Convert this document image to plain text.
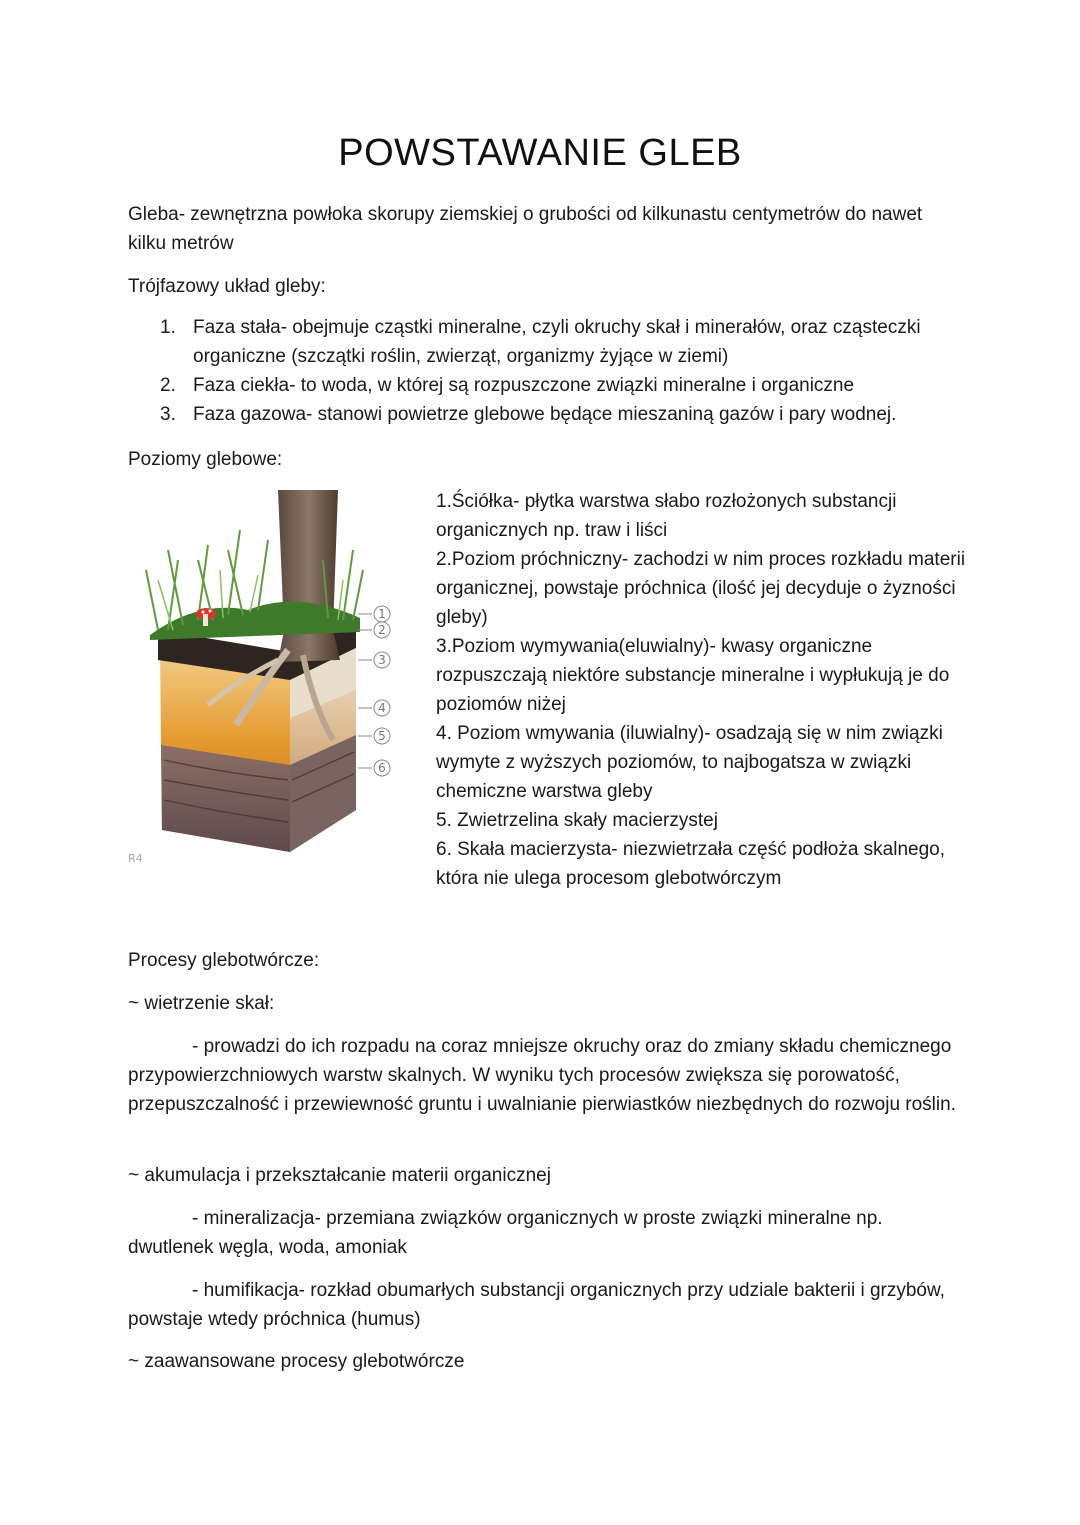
POWSTAWANIE GLEB
Gleba- zewnętrzna powłoka skorupy ziemskiej o grubości od kilkunastu centymetrów do nawet kilku metrów
Trójfazowy układ gleby:
1. Faza stała- obejmuje cząstki mineralne, czyli okruchy skał i minerałów, oraz cząsteczki organiczne (szczątki roślin, zwierząt, organizmy żyjące w ziemi)
2. Faza ciekła- to woda, w której są rozpuszczone związki mineralne i organiczne
3. Faza gazowa- stanowi powietrze glebowe będące mieszaniną gazów i pary wodnej.
Poziomy glebowe:
1
2
3
4
5
6
R4

1.Ściółka- płytka warstwa słabo rozłożonych substancji organicznych np. traw i liści

2.Poziom próchniczny- zachodzi w nim proces rozkładu materii organicznej, powstaje próchnica (ilość jej decyduje o żyzności gleby)

3.Poziom wymywania(eluwialny)- kwasy organiczne rozpuszczają niektóre substancje mineralne i wypłukują je do poziomów niżej

4. Poziom wmywania (iluwialny)- osadzają się w nim związki wymyte z wyższych poziomów, to najbogatsza w związki chemiczne warstwa gleby

5. Zwietrzelina skały macierzystej

6. Skała macierzysta- niezwietrzała część podłoża skalnego, która nie ulega procesom glebotwórczym

Procesy glebotwórcze:
~ wietrzenie skał:
- prowadzi do ich rozpadu na coraz mniejsze okruchy oraz do zmiany składu chemicznego przypowierzchniowych warstw skalnych. W wyniku tych procesów zwiększa się porowatość, przepuszczalność i przewiewność gruntu i uwalnianie pierwiastków niezbędnych do rozwoju roślin.
~ akumulacja i przekształcanie materii organicznej
- mineralizacja- przemiana związków organicznych w proste związki mineralne np. dwutlenek węgla, woda, amoniak
- humifikacja- rozkład obumarłych substancji organicznych przy udziale bakterii i grzybów, powstaje wtedy próchnica (humus)
~ zaawansowane procesy glebotwórcze
